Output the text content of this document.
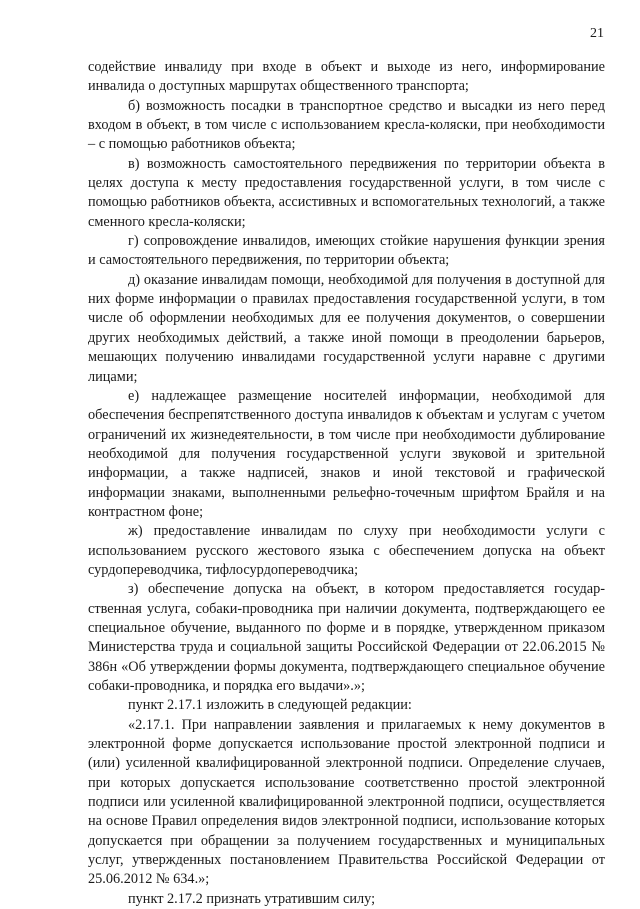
21

содействие инвалиду при входе в объект и выходе из него, информирование инвалида о доступных маршрутах общественного транспорта;

б) возможность посадки в транспортное средство и высадки из него перед входом в объект, в том числе с использованием кресла-коляски, при необходимости – с помощью работников объекта;

в) возможность самостоятельного передвижения по территории объекта в целях доступа к месту предоставления государственной услуги, в том числе с помощью работников объекта, ассистивных и вспомогательных технологий, а также сменного кресла-коляски;

г) сопровождение инвалидов, имеющих стойкие нарушения функции зрения и самостоятельного передвижения, по территории объекта;

д) оказание инвалидам помощи, необходимой для получения в доступной для них форме информации о правилах предоставления государственной услуги, в том числе об оформлении необходимых для ее получения документов, о совершении других необходимых действий, а также иной помощи в преодолении барьеров, мешающих получению инвалидами государственной услуги наравне с другими лицами;

е) надлежащее размещение носителей информации, необходимой для обеспечения беспрепятственного доступа инвалидов к объектам и услугам с учетом ограничений их жизнедеятельности, в том числе при необходимости дублирование необходимой для получения государственной услуги звуковой и зрительной информации, а также надписей, знаков и иной текстовой и графической информации знаками, выполненными рельефно-точечным шрифтом Брайля и на контрастном фоне;

ж) предоставление инвалидам по слуху при необходимости услуги с использованием русского жестового языка с обеспечением допуска на объект сурдопереводчика, тифлосурдопереводчика;

з) обеспечение допуска на объект, в котором предоставляется государственная услуга, собаки-проводника при наличии документа, подтверждающего ее специальное обучение, выданного по форме и в порядке, утвержденном приказом Министерства труда и социальной защиты Российской Федерации от 22.06.2015 № 386н «Об утверждении формы документа, подтверждающего специальное обучение собаки-проводника, и порядка его выдачи».»;

пункт 2.17.1 изложить в следующей редакции:

«2.17.1. При направлении заявления и прилагаемых к нему документов в электронной форме допускается использование простой электронной подписи и (или) усиленной квалифицированной электронной подписи. Определение случаев, при которых допускается использование соответственно простой электронной подписи или усиленной квалифицированной электронной подписи, осуществляется на основе Правил определения видов электронной подписи, использование которых допускается при обращении за получением государственных и муниципальных услуг, утвержденных постановлением Правительства Российской Федерации от 25.06.2012 № 634.»;

пункт 2.17.2 признать утратившим силу;
